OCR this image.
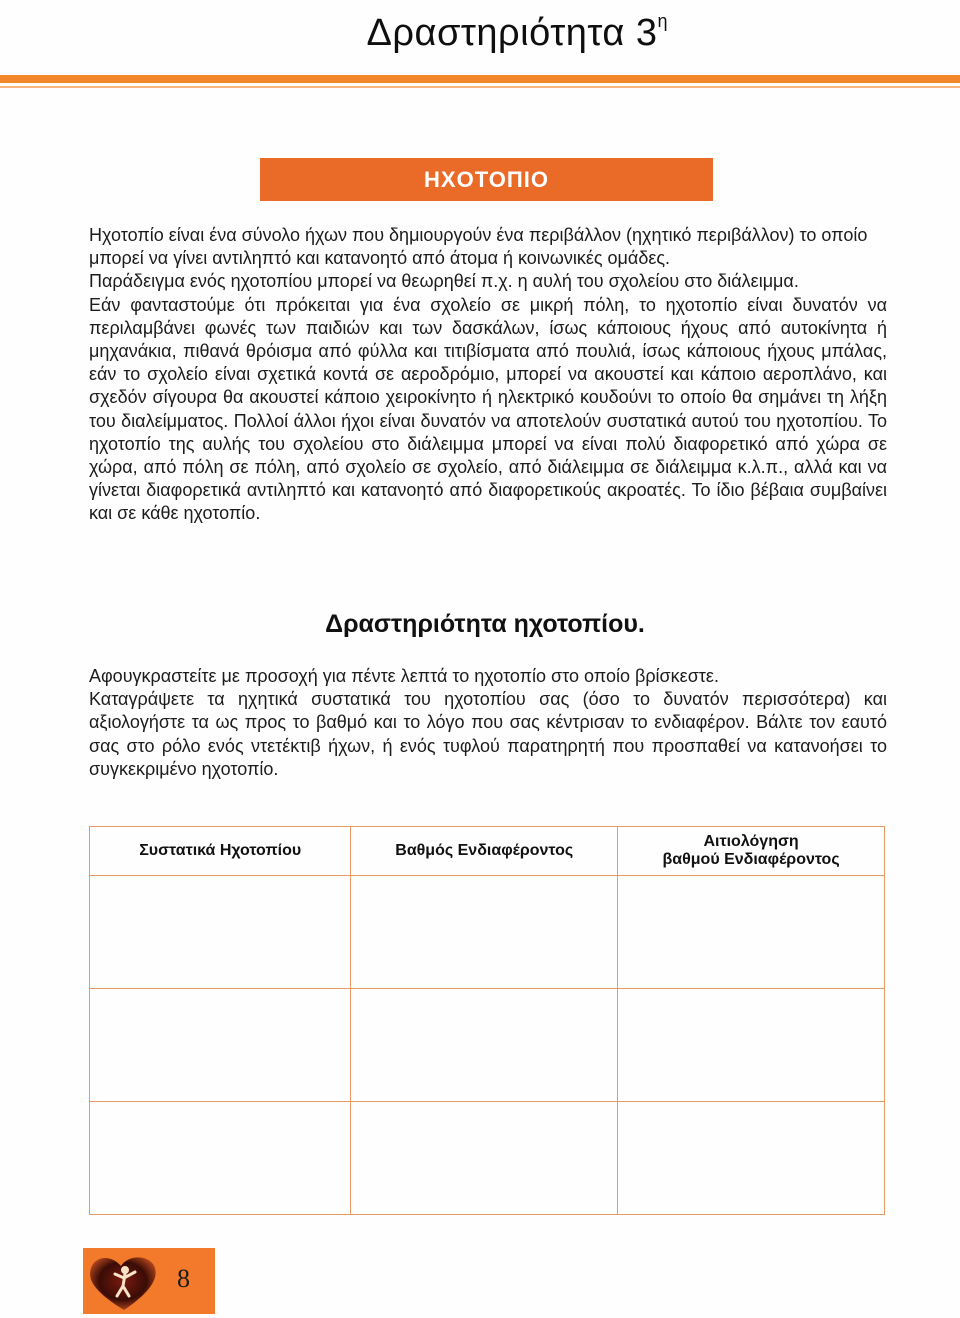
Δραστηριότητα $3^\eta$
ΗΧΟΤΟΠΙΟ

Ηχοτοπίο είναι ένα σύνολο ήχων που δημιουργούν ένα περιβάλλον (ηχητικό περιβάλλον) το οποίο μπορεί να γίνει αντιληπτό και κατανοητό από άτομα ή κοινωνικές ομάδες.

Παράδειγμα ενός ηχοτοπίου μπορεί να θεωρηθεί π.χ. η αυλή του σχολείου στο διάλειμμα.

Εάν φανταστούμε ότι πρόκειται για ένα σχολείο σε μικρή πόλη, το ηχοτοπίο είναι δυνατόν να περιλαμβάνει φωνές των παιδιών και των δασκάλων, ίσως κάποιους ήχους από αυτοκίνητα ή μηχανάκια, πιθανά θρόισμα από φύλλα και τιτιβίσματα από πουλιά, ίσως κάποιους ήχους μπάλας, εάν το σχολείο είναι σχετικά κοντά σε αεροδρόμιο, μπορεί να ακουστεί και κάποιο αεροπλάνο, και σχεδόν σίγουρα θα ακουστεί κάποιο χειροκίνητο ή ηλεκτρικό κουδούνι το οποίο θα σημάνει τη λήξη του διαλείμματος. Πολλοί άλλοι ήχοι είναι δυνατόν να αποτελούν συστατικά αυτού του ηχοτοπίου. Το ηχοτοπίο της αυλής του σχολείου στο διάλειμμα μπορεί να είναι πολύ διαφορετικό από χώρα σε χώρα, από πόλη σε πόλη, από σχολείο σε σχολείο, από διάλειμμα σε διάλειμμα κ.λ.π., αλλά και να γίνεται διαφορετικά αντιληπτό και κατανοητό από διαφορετικούς ακροατές. Το ίδιο βέβαια συμβαίνει και σε κάθε ηχοτοπίο.

Δραστηριότητα ηχοτοπίου.

Αφουγκραστείτε με προσοχή για πέντε λεπτά το ηχοτοπίο στο οποίο βρίσκεστε.

Καταγράψετε τα ηχητικά συστατικά του ηχοτοπίου σας (όσο το δυνατόν περισσότερα) και αξιολογήστε τα ως προς το βαθμό και το λόγο που σας κέντρισαν το ενδιαφέρον. Βάλτε τον εαυτό σας στο ρόλο ενός ντετέκτιβ ήχων, ή ενός τυφλού παρατηρητή που προσπαθεί να κατανοήσει το συγκεκριμένο ηχοτοπίο.

Συστατικά Ηχοτοπίου	Βαθμός Ενδιαφέροντος	Αιτιολόγηση
βαθμού Ενδιαφέροντος

8
